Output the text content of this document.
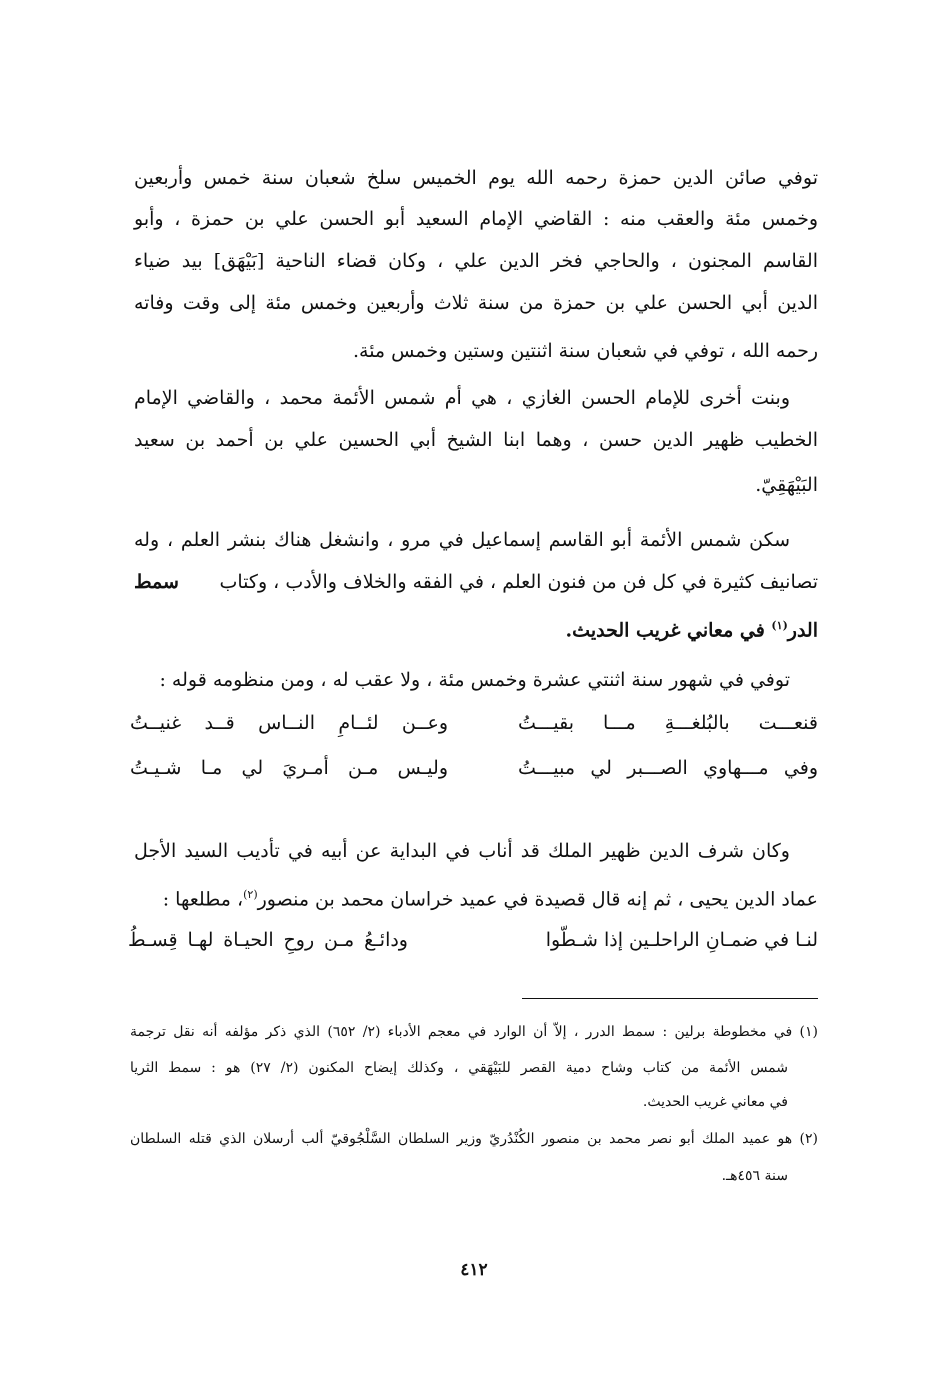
توفي صائن الدين حمزة رحمه الله يوم الخميس سلخ شعبان سنة خمس وأربعين
وخمس مئة والعقب منه : القاضي الإمام السعيد أبو الحسن علي بن حمزة ، وأبو
القاسم المجنون ، والحاجي فخر الدين علي ، وكان قضاء الناحية [بَيْهَق] بيد ضياء
الدين أبي الحسن علي بن حمزة من سنة ثلاث وأربعين وخمس مئة إلى وقت وفاته
رحمه الله ، توفي في شعبان سنة اثنتين وستين وخمس مئة.
وبنت أخرى للإمام الحسن الغازي ، هي أم شمس الأئمة محمد ، والقاضي الإمام
الخطيب ظهير الدين حسن ، وهما ابنا الشيخ أبي الحسين علي بن أحمد بن سعيد
البَيْهَقِيّ.
سكن شمس الأئمة أبو القاسم إسماعيل في مرو ، وانشغل هناك بنشر العلم ، وله
تصانيف كثيرة في كل فن من فنون العلم ، في الفقه والخلاف والأدب ، وكتاب
سمط
الدر$^{(١)}$ في معاني غريب الحديث.
توفي في شهور سنة اثنتي عشرة وخمس مئة ، ولا عقب له ، ومن منظومه قوله :
قنعـــت بالبُلغـــةِ مـــا بقيـــتُ
وعــن لئــامِ النــاس قــد غنيــتُ
وفي مـــهاوي الصـــبر لي مبيـــتُ
وليـس مـن أمـريَ لي مـا شـيـتُ
وكان شرف الدين ظهير الملك قد أناب في البداية عن أبيه في تأديب السيد الأجل
عماد الدين يحيى ، ثم إنه قال قصيدة في عميد خراسان محمد بن منصور$^{(٢)}$، مطلعها :
لنـا في ضمـانِ الراحلـين إذا شـطّوا
ودائـعُ مـن روحِ الحيـاة لهـا قِسـطُ
(١) في مخطوطة برلين : سمط الدرر ، إلاّ أن الوارد في معجم الأدباء (٢/ ٦٥٢) الذي ذكر مؤلفه أنه نقل ترجمة
شمس الأئمة من كتاب وشاح دمية القصر للبَيْهَقي ، وكذلك إيضاح المكنون (٢/ ٢٧) هو : سمط الثريا
في معاني غريب الحديث.
(٢) هو عميد الملك أبو نصر محمد بن منصور الكُنْدُريّ وزير السلطان السَّلْجُوقيّ ألب أرسلان الذي قتله السلطان
سنة ٤٥٦هـ.
٤١٢
